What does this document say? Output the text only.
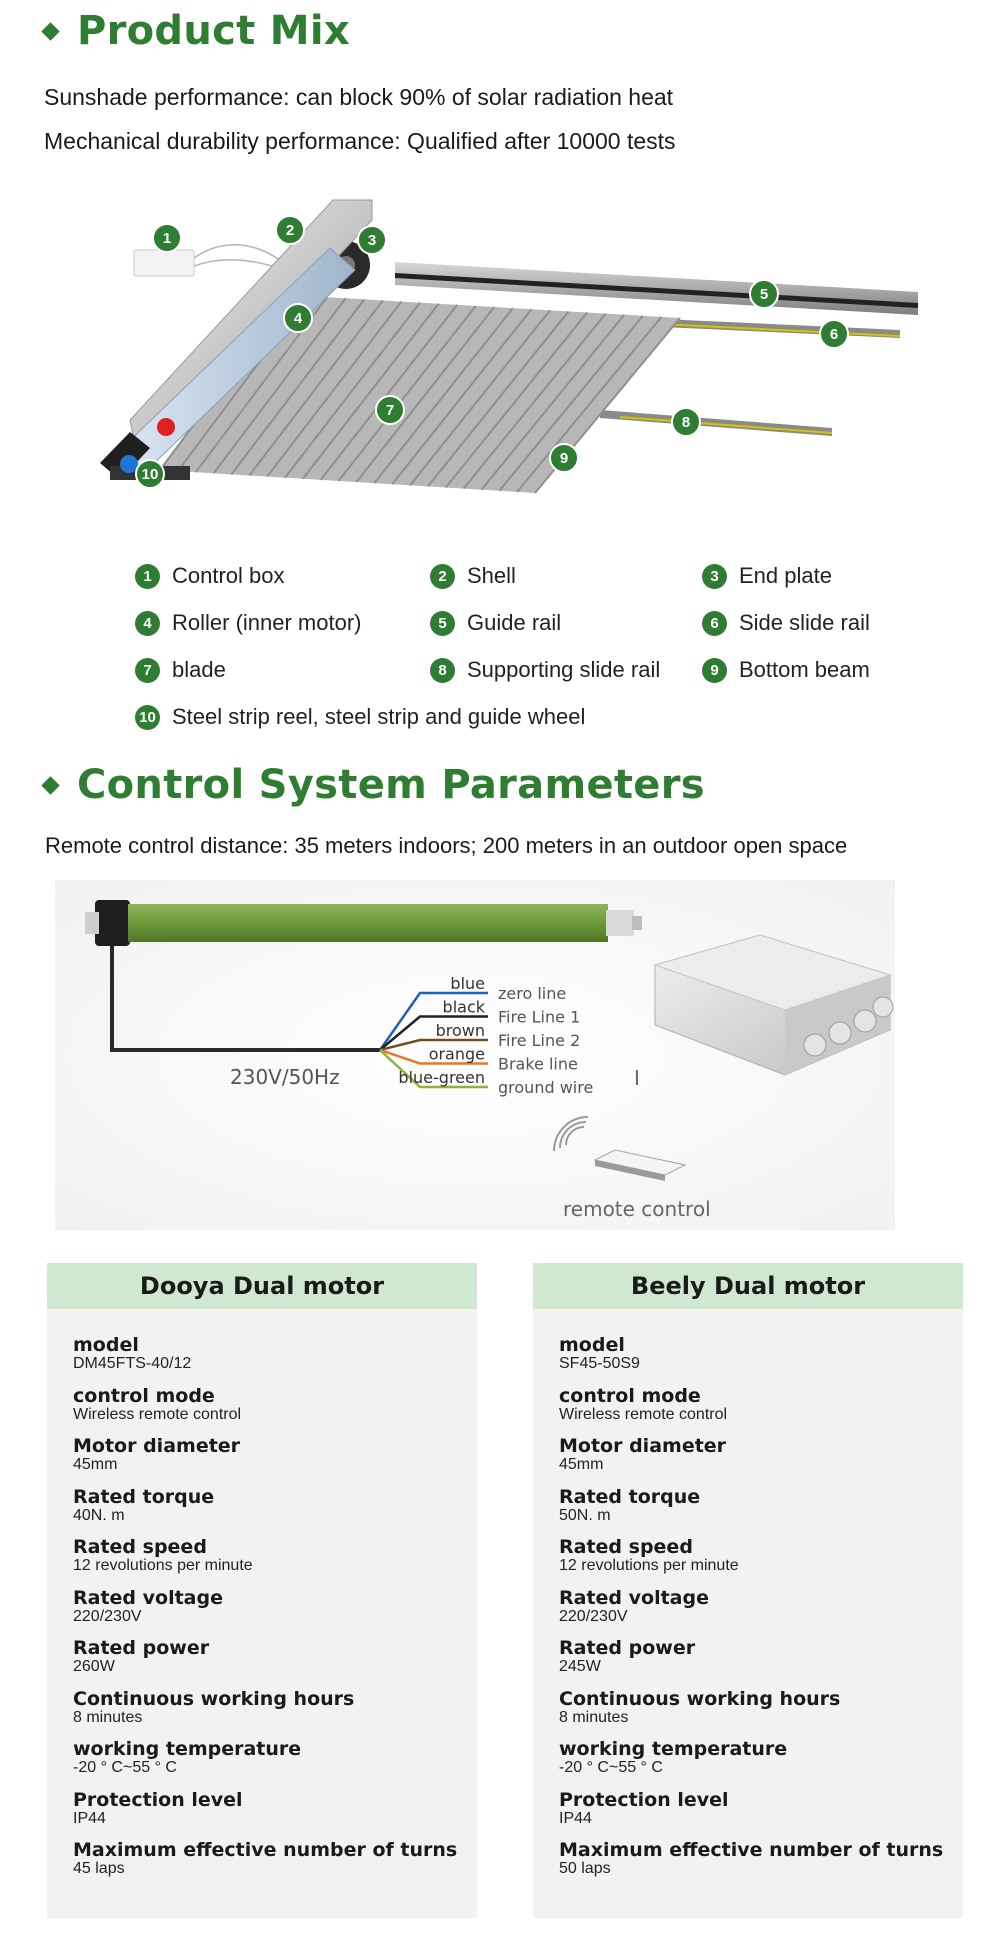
Product Mix
Sunshade performance: can block 90% of solar radiation heat
Mechanical durability performance: Qualified after 10000 tests
1	2
3
4
5
6
7
8
9
10
1 Control box	2 Shell	3 End plate
4 Roller (inner motor)	5 Guide rail	6 Side slide rail
7 blade	8 Supporting slide rail	9 Bottom beam
10 Steel strip reel, steel strip and guide wheel
Control System Parameters
Remote control distance: 35 meters indoors; 200 meters in an outdoor open space
230V/50Hz
blue
zero line
black
Fire Line 1
brown
Fire Line 2
orange
Brake line
blue-green
ground wire I
remote control
Dooya Dual motor
model
DM45FTS-40/12
control mode
Wireless remote control
Motor diameter
45mm
Rated torque
40N. m
Rated speed
12 revolutions per minute
Rated voltage
220/230V
Rated power
260W
Continuous working hours
8 minutes
working temperature
-20 ° C~55 ° C
Protection level
IP44
Maximum effective number of turns
45 laps
Beely Dual motor
model
SF45-50S9
control mode
Wireless remote control
Motor diameter
45mm
Rated torque
50N. m
Rated speed
12 revolutions per minute
Rated voltage
220/230V
Rated power
245W
Continuous working hours
8 minutes
working temperature
-20 ° C~55 ° C
Protection level
IP44
Maximum effective number of turns
50 laps
